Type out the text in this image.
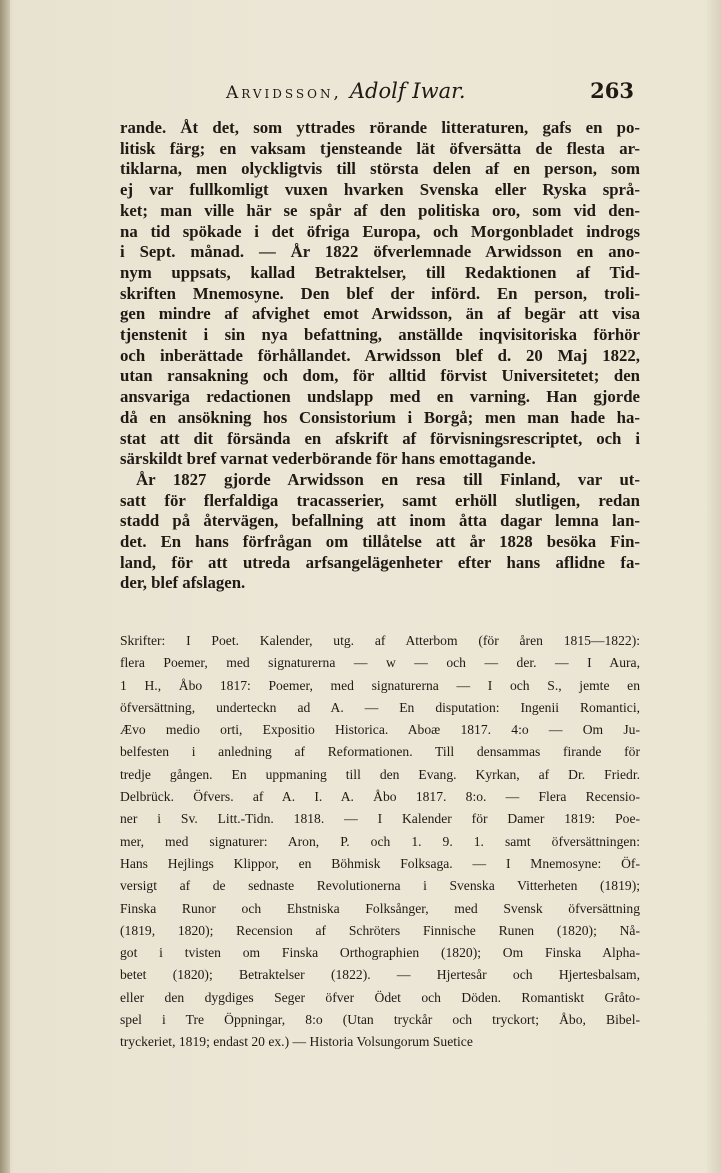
Arvidsson, Adolf Iwar.	263
rande. Åt det, som yttrades rörande litteraturen, gafs en po-
litisk färg; en vaksam tjensteande lät öfversätta de flesta ar-
tiklarna, men olyckligtvis till största delen af en person, som
ej var fullkomligt vuxen hvarken Svenska eller Ryska språ-
ket; man ville här se spår af den politiska oro, som vid den-
na tid spökade i det öfriga Europa, och Morgonbladet indrogs
i Sept. månad. — År 1822 öfverlemnade Arwidsson en ano-
nym uppsats, kallad Betraktelser, till Redaktionen af Tid-
skriften Mnemosyne. Den blef der införd. En person, troli-
gen mindre af afvighet emot Arwidsson, än af begär att visa
tjenstenit i sin nya befattning, anställde inqvisitoriska förhör
och inberättade förhållandet. Arwidsson blef d. 20 Maj 1822,
utan ransakning och dom, för alltid förvist Universitetet; den
ansvariga redactionen undslapp med en varning. Han gjorde
då en ansökning hos Consistorium i Borgå; men man hade ha-
stat att dit försända en afskrift af förvisningsrescriptet, och i
särskildt bref varnat vederbörande för hans emottagande.
År 1827 gjorde Arwidsson en resa till Finland, var ut-
satt för flerfaldiga tracasserier, samt erhöll slutligen, redan
stadd på återvägen, befallning att inom åtta dagar lemna lan-
det. En hans förfrågan om tillåtelse att år 1828 besöka Fin-
land, för att utreda arfsangelägenheter efter hans aflidne fa-
der, blef afslagen.
Skrifter: I Poet. Kalender, utg. af Atterbom (för åren 1815—1822):
flera Poemer, med signaturerna — w — och — der. — I Aura,
1 H., Åbo 1817: Poemer, med signaturerna — I och S., jemte en
öfversättning, underteckn ad A. — En disputation: Ingenii Romantici,
Ævo medio orti, Expositio Historica. Aboæ 1817. 4:o — Om Ju-
belfesten i anledning af Reformationen. Till densammas firande för
tredje gången. En uppmaning till den Evang. Kyrkan, af Dr. Friedr.
Delbrück. Öfvers. af A. I. A. Åbo 1817. 8:o. — Flera Recensio-
ner i Sv. Litt.-Tidn. 1818. — I Kalender för Damer 1819: Poe-
mer, med signaturer: Aron, P. och 1. 9. 1. samt öfversättningen:
Hans Hejlings Klippor, en Böhmisk Folksaga. — I Mnemosyne: Öf-
versigt af de sednaste Revolutionerna i Svenska Vitterheten (1819);
Finska Runor och Ehstniska Folksånger, med Svensk öfversättning
(1819, 1820); Recension af Schröters Finnische Runen (1820); Nå-
got i tvisten om Finska Orthographien (1820); Om Finska Alpha-
betet (1820); Betraktelser (1822). — Hjertesår och Hjertesbalsam,
eller den dygdiges Seger öfver Ödet och Döden. Romantiskt Gråto-
spel i Tre Öppningar, 8:o (Utan tryckår och tryckort; Åbo, Bibel-
tryckeriet, 1819; endast 20 ex.) — Historia Volsungorum Suetice
